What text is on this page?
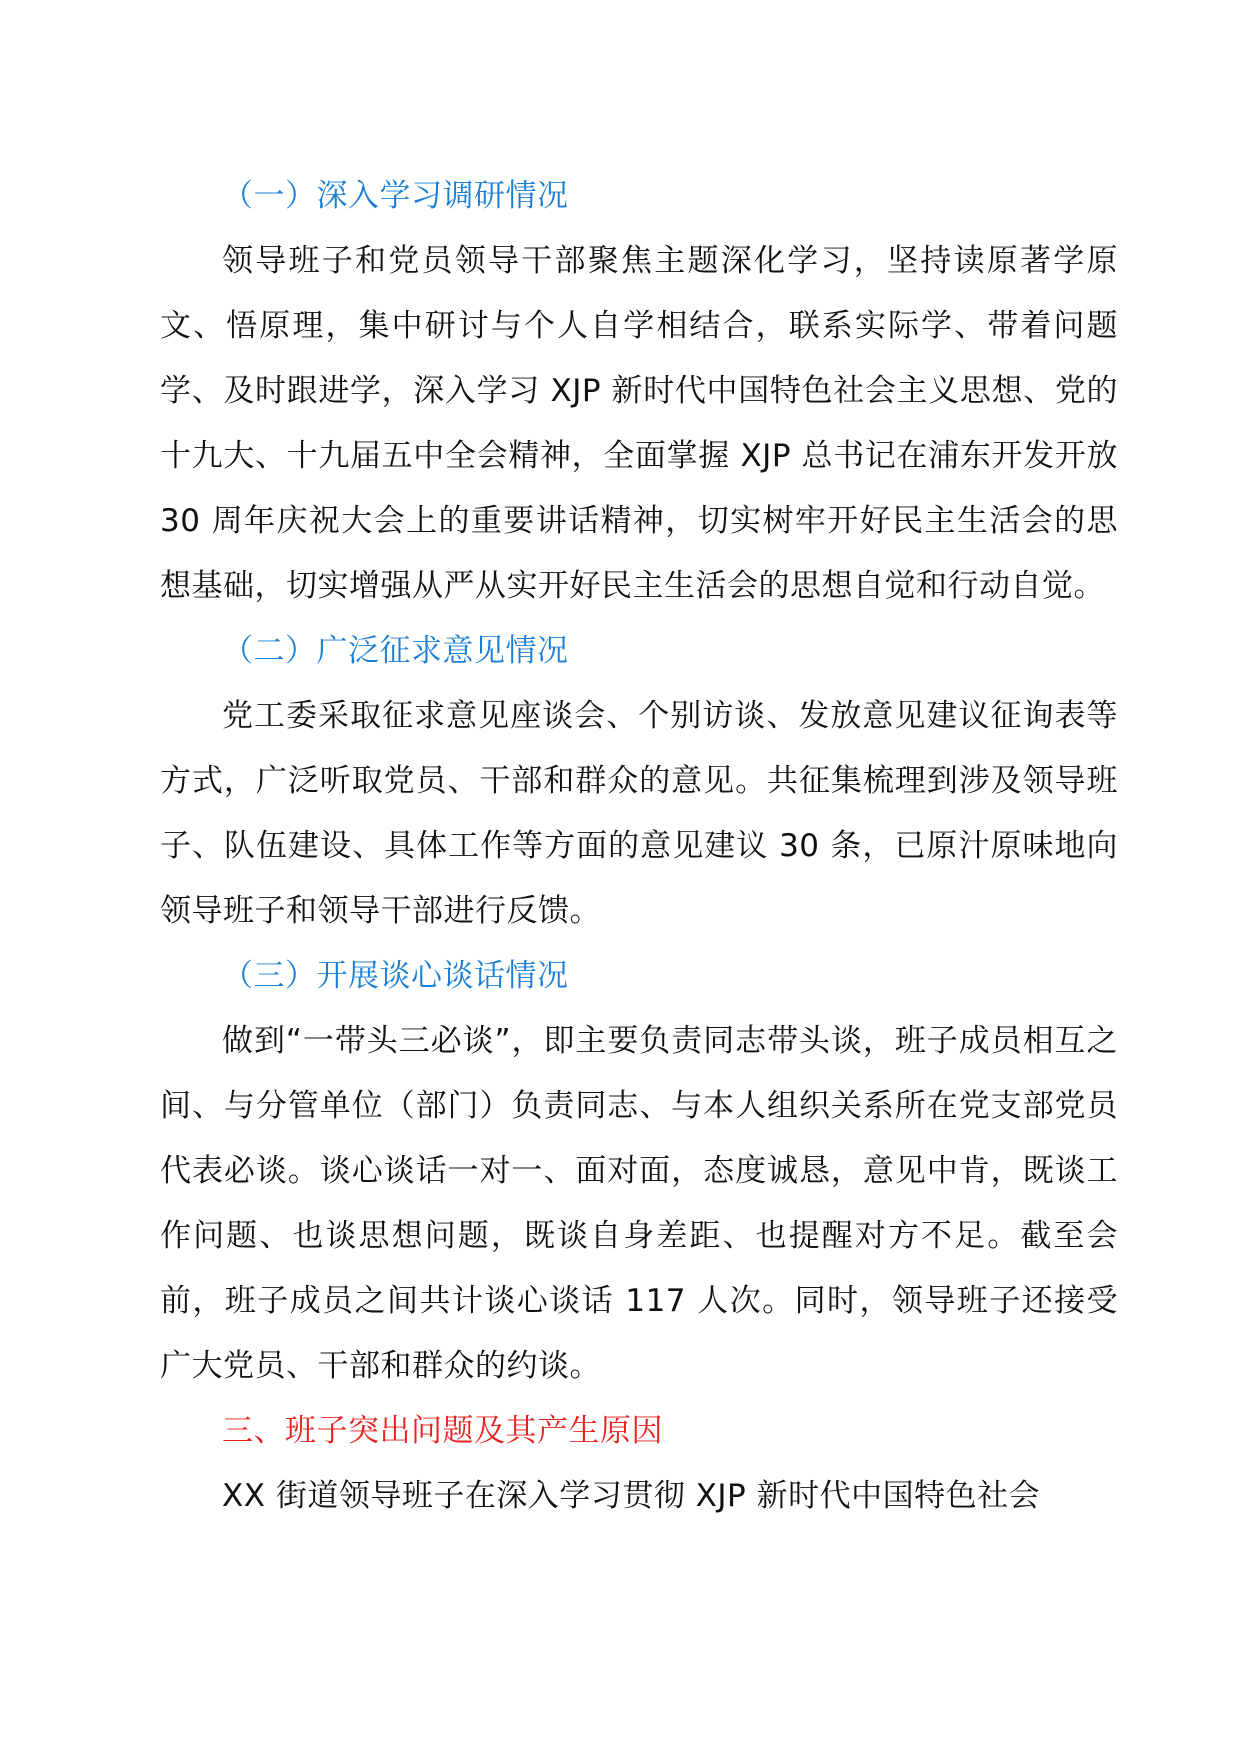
（一）深入学习调研情况

领导班子和党员领导干部聚焦主题深化学习，坚持读原著学原文、悟原理，集中研讨与个人自学相结合，联系实际学、带着问题学、及时跟进学，深入学习 XJP 新时代中国特色社会主义思想、党的十九大、十九届五中全会精神，全面掌握 XJP 总书记在浦东开发开放 30 周年庆祝大会上的重要讲话精神，切实树牢开好民主生活会的思想基础，切实增强从严从实开好民主生活会的思想自觉和行动自觉。

（二）广泛征求意见情况

党工委采取征求意见座谈会、个别访谈、发放意见建议征询表等方式，广泛听取党员、干部和群众的意见。共征集梳理到涉及领导班子、队伍建设、具体工作等方面的意见建议 30 条，已原汁原味地向领导班子和领导干部进行反馈。

（三）开展谈心谈话情况

做到“一带头三必谈”，即主要负责同志带头谈，班子成员相互之间、与分管单位（部门）负责同志、与本人组织关系所在党支部党员代表必谈。谈心谈话一对一、面对面，态度诚恳，意见中肯，既谈工作问题、也谈思想问题，既谈自身差距、也提醒对方不足。截至会前，班子成员之间共计谈心谈话 117 人次。同时，领导班子还接受广大党员、干部和群众的约谈。

三、班子突出问题及其产生原因

XX 街道领导班子在深入学习贯彻 XJP 新时代中国特色社会
